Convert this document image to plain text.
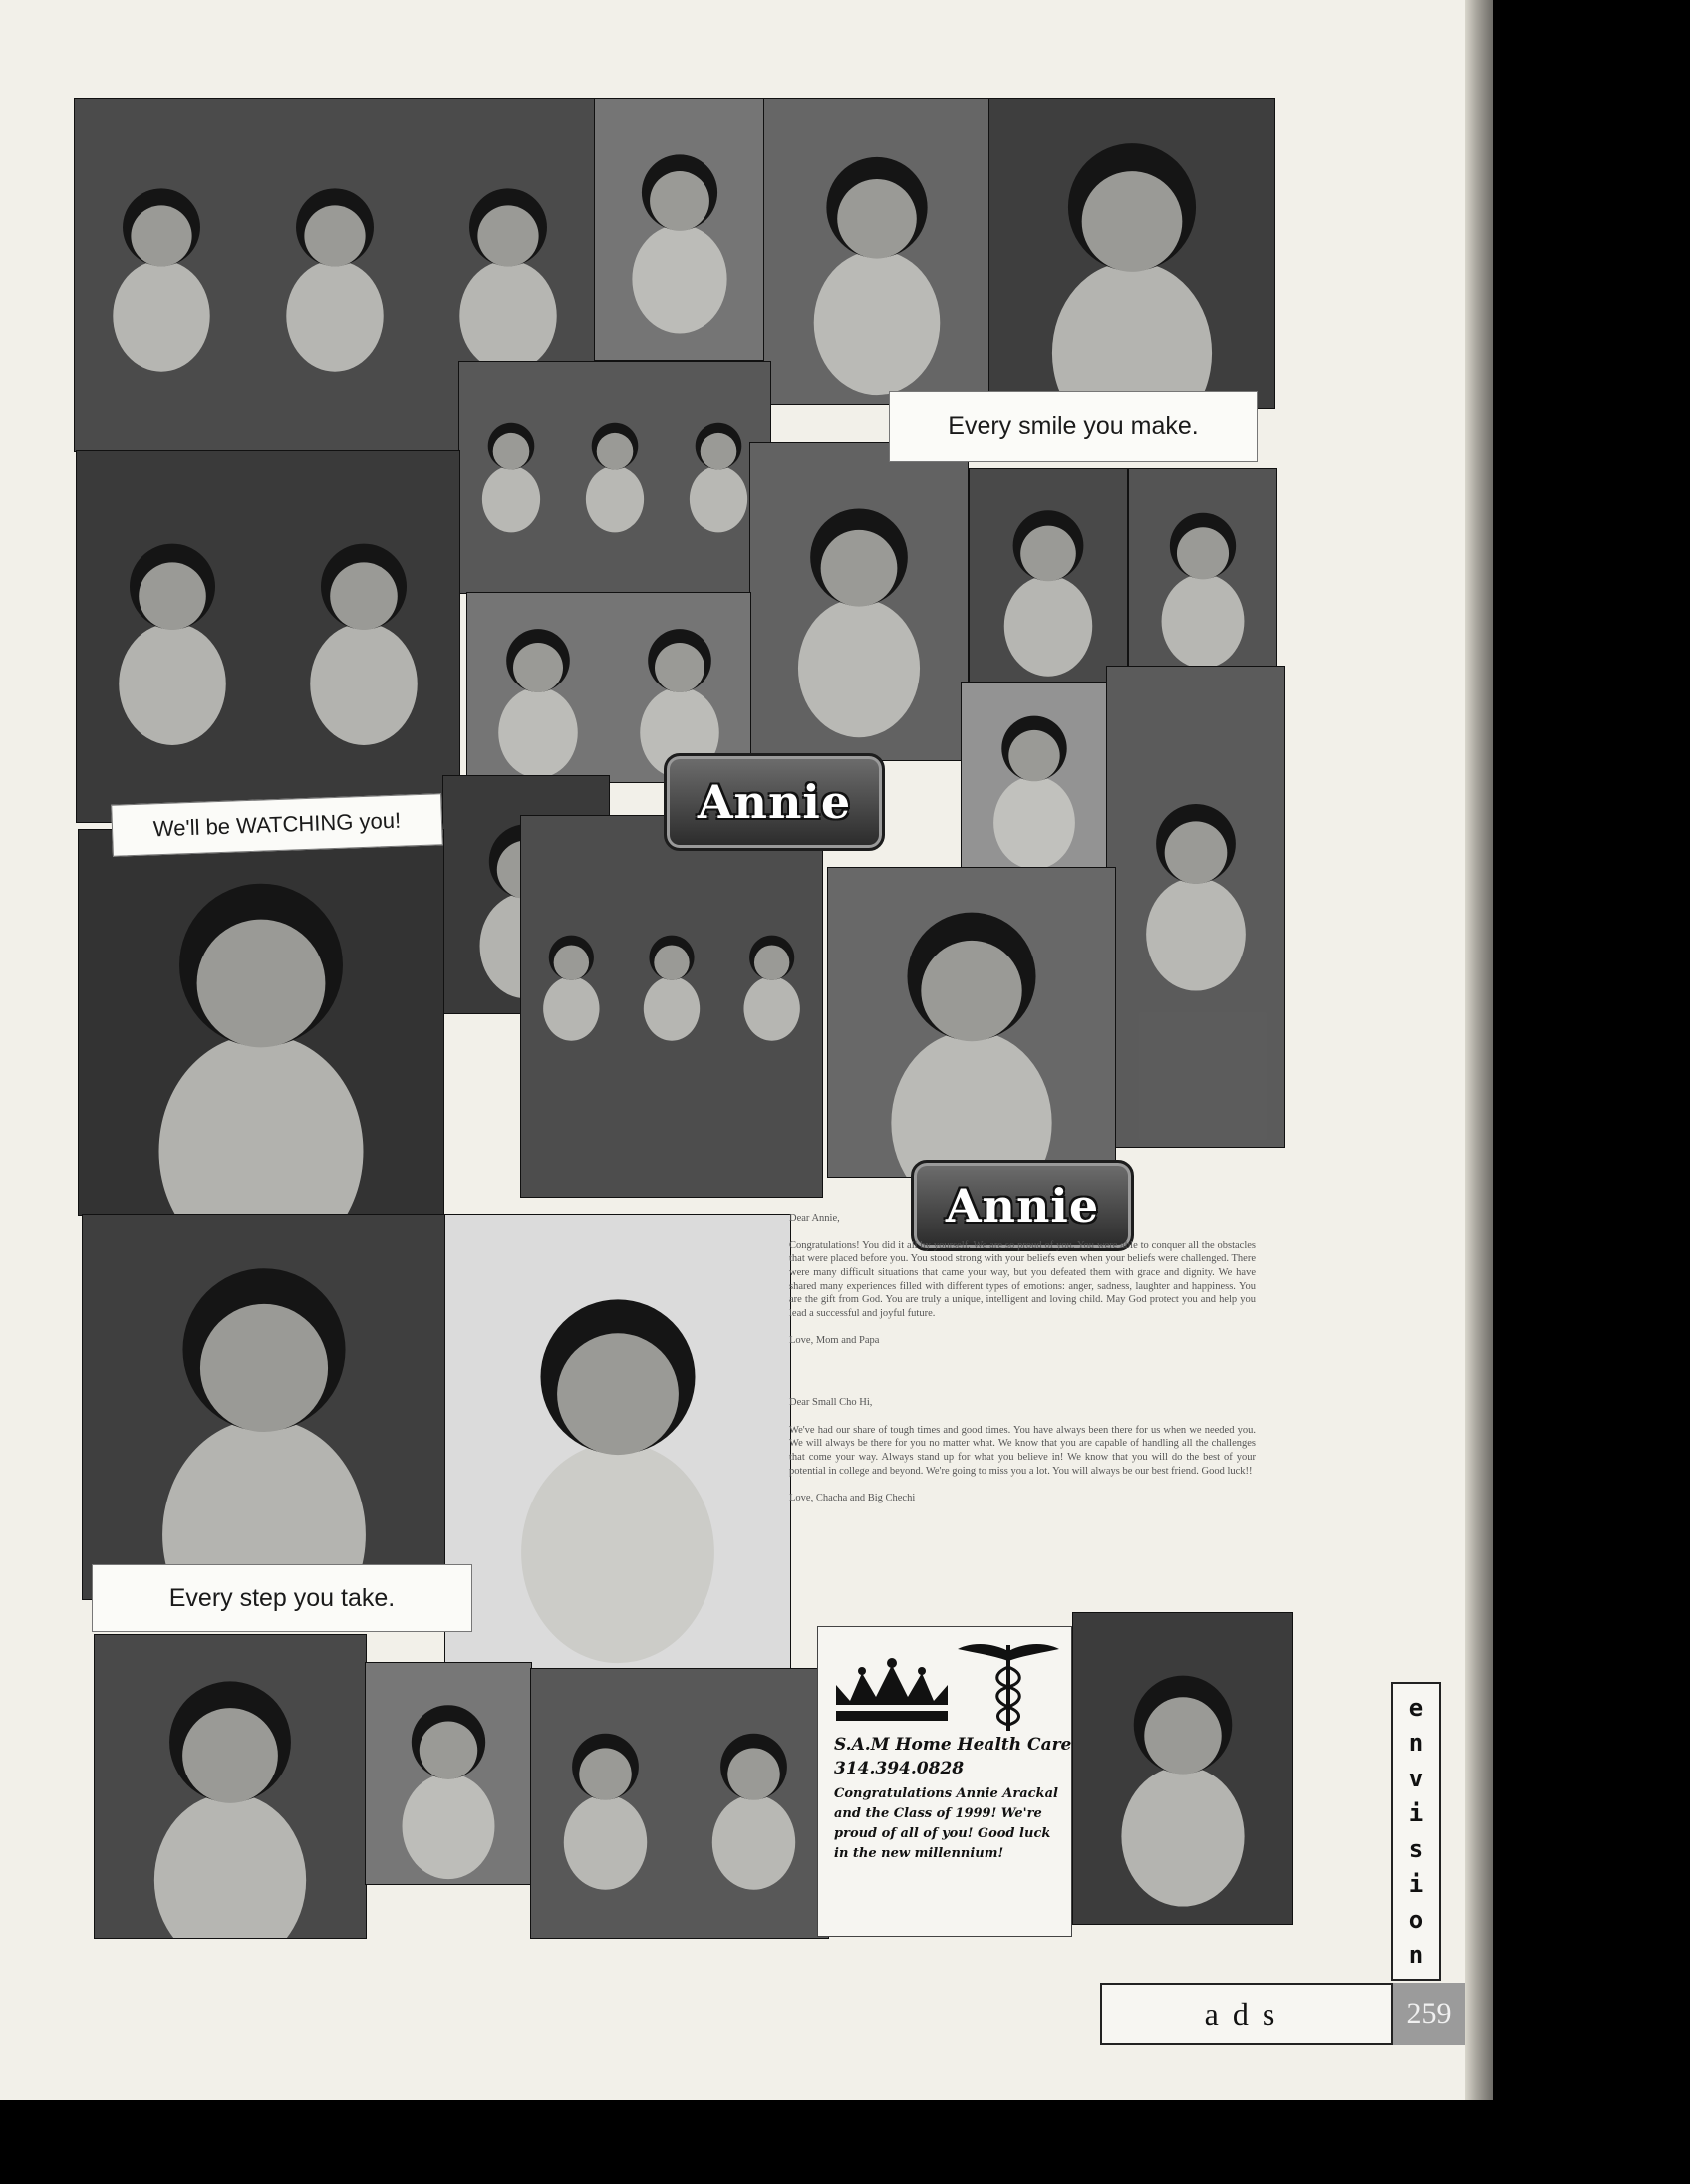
Every smile you make.
We'll be WATCHING you!
Every step you take.
Annie
Annie

Dear Annie,

Congratulations! You did it all by yourself. We are so proud of you. You were able to conquer all the obstacles that were placed before you. You stood strong with your beliefs even when your beliefs were challenged. There were many difficult situations that came your way, but you defeated them with grace and dignity. We have shared many experiences filled with different types of emotions: anger, sadness, laughter and happiness. You are the gift from God. You are truly a unique, intelligent and loving child. May God protect you and help you lead a successful and joyful future.

Love, Mom and Papa

Dear Small Cho Hi,

We've had our share of tough times and good times. You have always been there for us when we needed you. We will always be there for you no matter what. We know that you are capable of handling all the challenges that come your way. Always stand up for what you believe in! We know that you will do the best of your potential in college and beyond. We're going to miss you a lot. You will always be our best friend. Good luck!!

Love, Chacha and Big Chechi

S.A.M Home Health Care
314.394.0828
Congratulations Annie Arackal and the Class of 1999! We're proud of all of you! Good luck in the new millennium!
e
n
v
i
s
i
o
n
ads	259
